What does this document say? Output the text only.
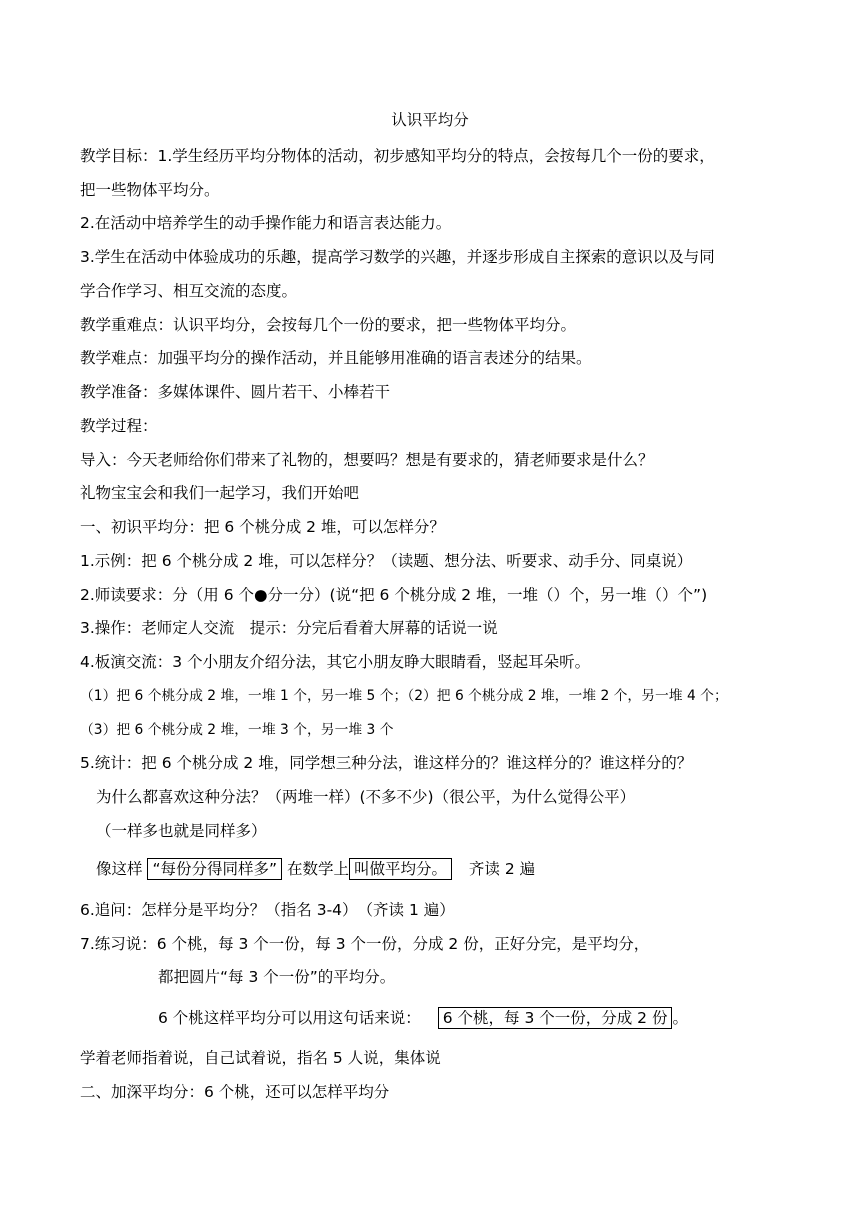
认识平均分
教学目标：1.学生经历平均分物体的活动，初步感知平均分的特点，会按每几个一份的要求，
把一些物体平均分。
2.在活动中培养学生的动手操作能力和语言表达能力。
3.学生在活动中体验成功的乐趣，提高学习数学的兴趣，并逐步形成自主探索的意识以及与同
学合作学习、相互交流的态度。
教学重难点：认识平均分，会按每几个一份的要求，把一些物体平均分。
教学难点：加强平均分的操作活动，并且能够用准确的语言表述分的结果。
教学准备：多媒体课件、圆片若干、小棒若干
教学过程：
导入：今天老师给你们带来了礼物的，想要吗？想是有要求的，猜老师要求是什么？
礼物宝宝会和我们一起学习，我们开始吧
一、初识平均分：把 6 个桃分成 2 堆，可以怎样分？
1.示例：把 6 个桃分成 2 堆，可以怎样分？（读题、想分法、听要求、动手分、同桌说）
2.师读要求：分（用 6 个●分一分）(说“把 6 个桃分成 2 堆，一堆（）个，另一堆（）个”)
3.操作：老师定人交流　提示：分完后看着大屏幕的话说一说
4.板演交流：3 个小朋友介绍分法，其它小朋友睁大眼睛看，竖起耳朵听。
（1）把 6 个桃分成 2 堆，一堆 1 个，另一堆 5 个；（2）把 6 个桃分成 2 堆，一堆 2 个，另一堆 4 个；
（3）把 6 个桃分成 2 堆，一堆 3 个，另一堆 3 个
5.统计：把 6 个桃分成 2 堆，同学想三种分法，谁这样分的？谁这样分的？谁这样分的？
为什么都喜欢这种分法？（两堆一样）(不多不少)（很公平，为什么觉得公平）
（一样多也就是同样多）
像这样 “每份分得同样多” 在数学上 叫做平均分。 齐读 2 遍
6.追问：怎样分是平均分？（指名 3-4）　（齐读 1 遍）
7.练习说：6 个桃，每 3 个一份，每 3 个一份，分成 2 份，正好分完，是平均分，
都把圆片“每 3 个一份”的平均分。
6 个桃这样平均分可以用这句话来说： 6 个桃，每 3 个一份，分成 2 份 。
学着老师指着说，自己试着说，指名 5 人说，集体说
二、加深平均分：6 个桃，还可以怎样平均分
